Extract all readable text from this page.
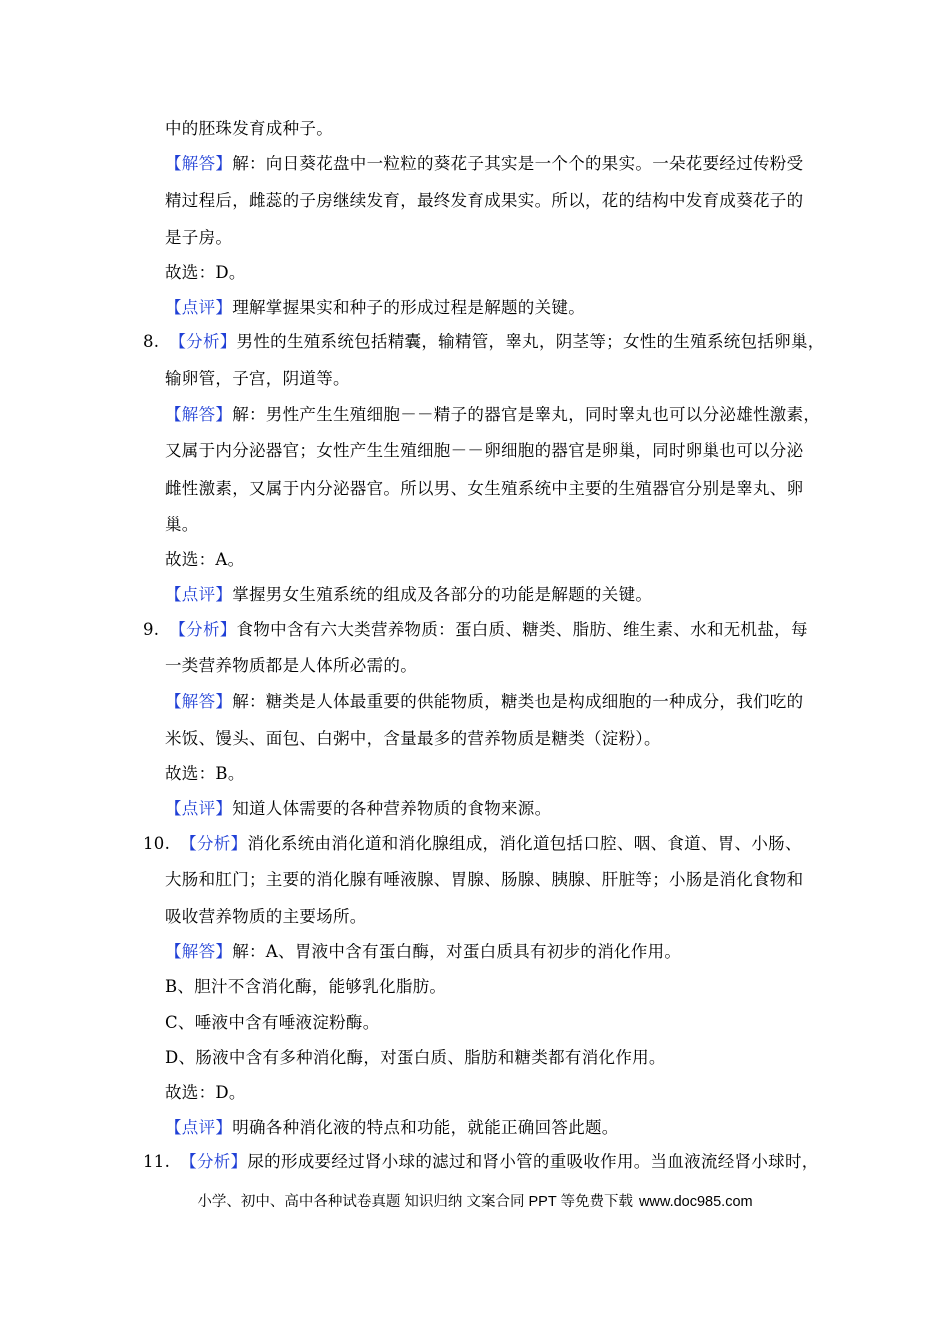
中的胚珠发育成种子。
【解答】解：向日葵花盘中一粒粒的葵花子其实是一个个的果实。一朵花要经过传粉受
精过程后，雌蕊的子房继续发育，最终发育成果实。所以，花的结构中发育成葵花子的
是子房。
故选：D。
【点评】理解掌握果实和种子的形成过程是解题的关键。
8. 【分析】男性的生殖系统包括精囊，输精管，睾丸，阴茎等；女性的生殖系统包括卵巢，
输卵管，子宫，阴道等。
【解答】解：男性产生生殖细胞－－精子的器官是睾丸，同时睾丸也可以分泌雄性激素，
又属于内分泌器官；女性产生生殖细胞－－卵细胞的器官是卵巢，同时卵巢也可以分泌
雌性激素，又属于内分泌器官。所以男、女生殖系统中主要的生殖器官分别是睾丸、卵
巢。
故选：A。
【点评】掌握男女生殖系统的组成及各部分的功能是解题的关键。
9. 【分析】食物中含有六大类营养物质：蛋白质、糖类、脂肪、维生素、水和无机盐，每
一类营养物质都是人体所必需的。
【解答】解：糖类是人体最重要的供能物质，糖类也是构成细胞的一种成分，我们吃的
米饭、馒头、面包、白粥中，含量最多的营养物质是糖类（淀粉）。
故选：B。
【点评】知道人体需要的各种营养物质的食物来源。
10. 【分析】消化系统由消化道和消化腺组成，消化道包括口腔、咽、食道、胃、小肠、
大肠和肛门；主要的消化腺有唾液腺、胃腺、肠腺、胰腺、肝脏等；小肠是消化食物和
吸收营养物质的主要场所。
【解答】解：A、胃液中含有蛋白酶，对蛋白质具有初步的消化作用。
B、胆汁不含消化酶，能够乳化脂肪。
C、唾液中含有唾液淀粉酶。
D、肠液中含有多种消化酶，对蛋白质、脂肪和糖类都有消化作用。
故选：D。
【点评】明确各种消化液的特点和功能，就能正确回答此题。
11. 【分析】尿的形成要经过肾小球的滤过和肾小管的重吸收作用。当血液流经肾小球时，
小学、初中、高中各种试卷真题 知识归纳 文案合同 PPT 等免费下载 www.doc985.com
